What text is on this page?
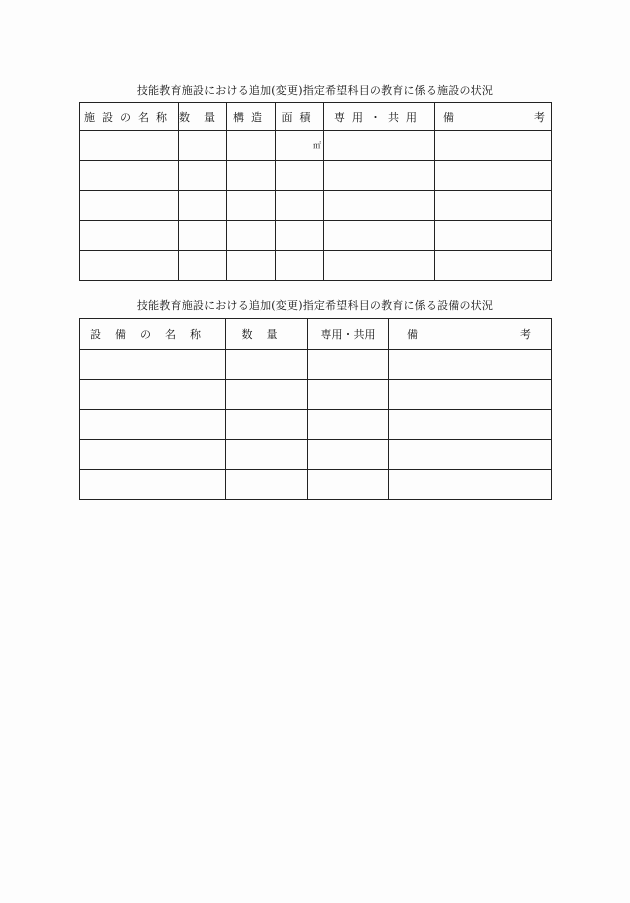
技能教育施設における追加(変更)指定希望科目の教育に係る施設の状況
施設の名称	数量	構造	面積	専用・共用	備 考

			㎡		

技能教育施設における追加(変更)指定希望科目の教育に係る設備の状況
設備の名称	数量	専用・共用	備 考
